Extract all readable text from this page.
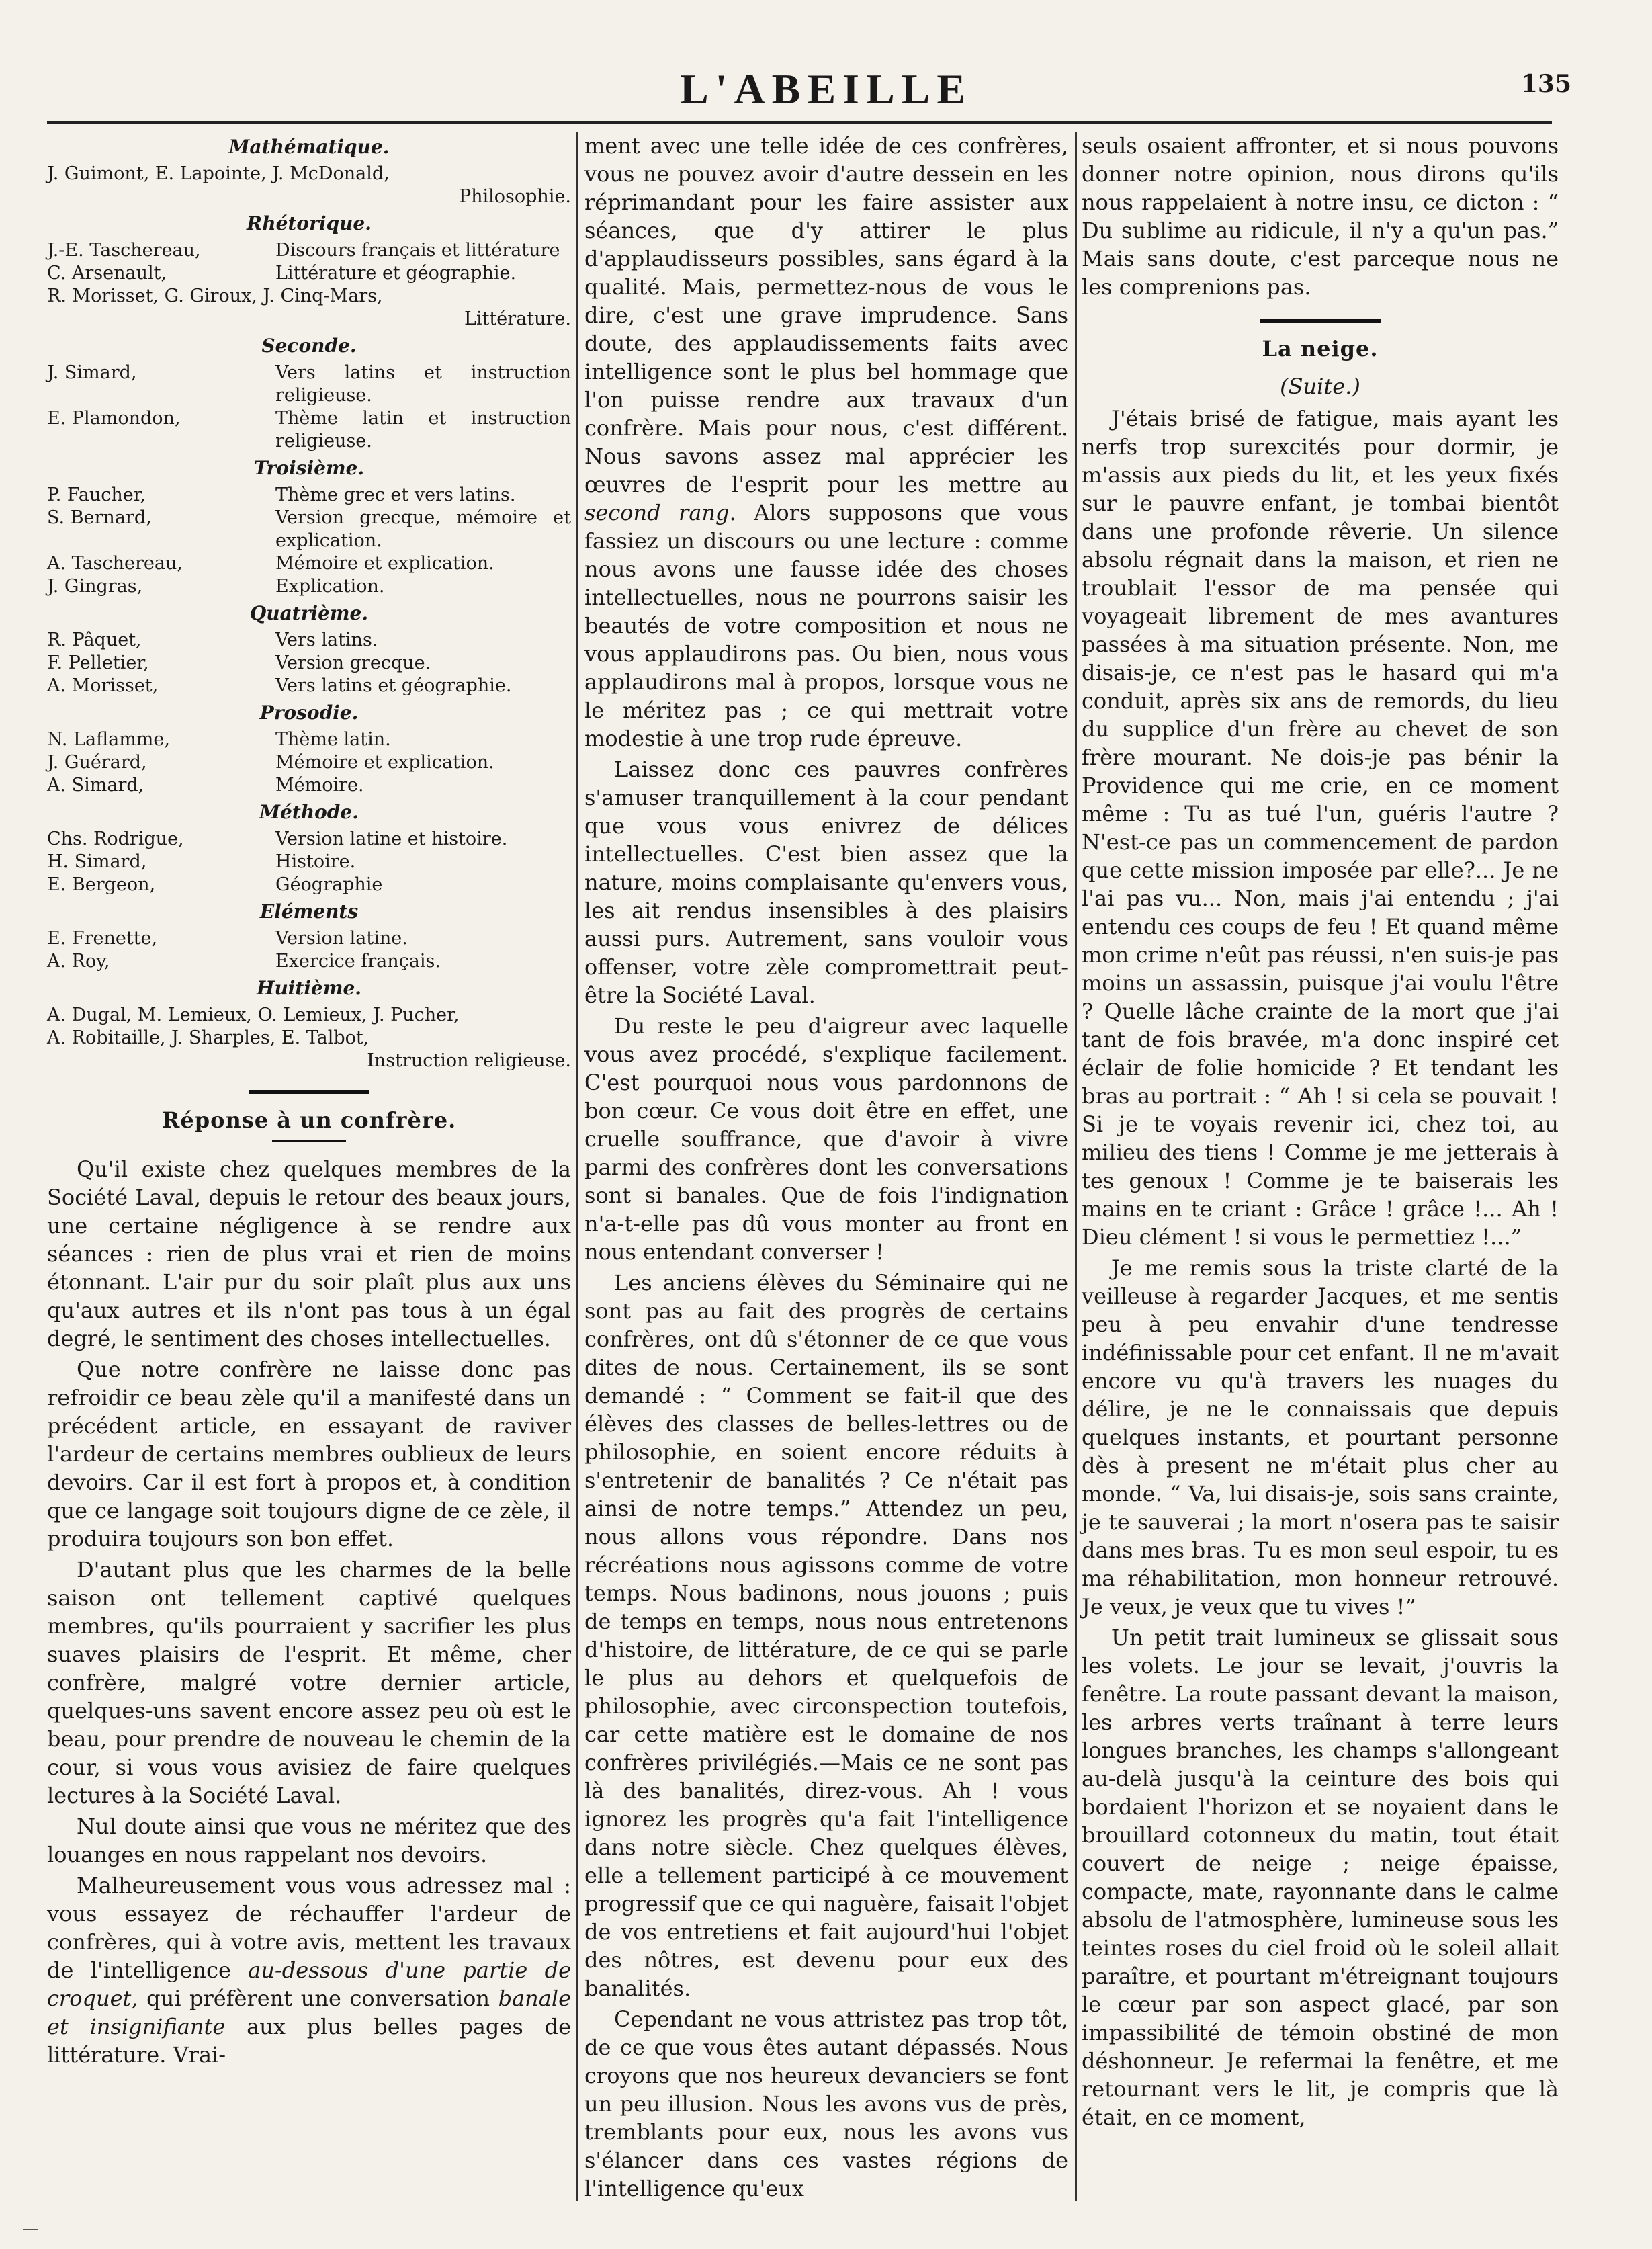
L'ABEILLE	135
Mathématique.
J. Guimont, E. Lapointe, J. McDonald,
Philosophie.
Rhétorique.
J.-E. Taschereau,	Discours français et littérature
C. Arsenault,	Littérature et géographie.
R. Morisset, G. Giroux, J. Cinq-Mars,
Littérature.
Seconde.
J. Simard,	Vers latins et instruction religieuse.
E. Plamondon,	Thème latin et instruction religieuse.
Troisième.
P. Faucher,	Thème grec et vers latins.
S. Bernard,	Version grecque, mémoire et explication.
A. Taschereau,	Mémoire et explication.
J. Gingras,	Explication.
Quatrième.
R. Pâquet,	Vers latins.
F. Pelletier,	Version grecque.
A. Morisset,	Vers latins et géographie.
Prosodie.
N. Laflamme,	Thème latin.
J. Guérard,	Mémoire et explication.
A. Simard,	Mémoire.
Méthode.
Chs. Rodrigue,	Version latine et histoire.
H. Simard,	Histoire.
E. Bergeon,	Géographie
Eléments
E. Frenette,	Version latine.
A. Roy,	Exercice français.
Huitième.
A. Dugal, M. Lemieux, O. Lemieux, J. Pucher,
A. Robitaille, J. Sharples, E. Talbot,
Instruction religieuse.
Réponse à un confrère.

Qu'il existe chez quelques membres de la Société Laval, depuis le retour des beaux jours, une certaine négligence à se rendre aux séances : rien de plus vrai et rien de moins étonnant. L'air pur du soir plaît plus aux uns qu'aux autres et ils n'ont pas tous à un égal degré, le sentiment des choses intellectuelles.

Que notre confrère ne laisse donc pas refroidir ce beau zèle qu'il a manifesté dans un précédent article, en essayant de raviver l'ardeur de certains membres oublieux de leurs devoirs. Car il est fort à propos et, à condition que ce langage soit toujours digne de ce zèle, il produira toujours son bon effet.

D'autant plus que les charmes de la belle saison ont tellement captivé quelques membres, qu'ils pourraient y sacrifier les plus suaves plaisirs de l'esprit. Et même, cher confrère, malgré votre dernier article, quelques-uns savent encore assez peu où est le beau, pour prendre de nouveau le chemin de la cour, si vous vous avisiez de faire quelques lectures à la Société Laval.

Nul doute ainsi que vous ne méritez que des louanges en nous rappelant nos devoirs.

Malheureusement vous vous adressez mal : vous essayez de réchauffer l'ardeur de confrères, qui à votre avis, mettent les travaux de l'intelligence au-dessous d'une partie de croquet, qui préfèrent une conversation banale et insignifiante aux plus belles pages de littérature. Vrai-

ment avec une telle idée de ces confrères, vous ne pouvez avoir d'autre dessein en les réprimandant pour les faire assister aux séances, que d'y attirer le plus d'applaudisseurs possibles, sans égard à la qualité. Mais, permettez-nous de vous le dire, c'est une grave imprudence. Sans doute, des applaudissements faits avec intelligence sont le plus bel hommage que l'on puisse rendre aux travaux d'un confrère. Mais pour nous, c'est différent. Nous savons assez mal apprécier les œuvres de l'esprit pour les mettre au second rang. Alors supposons que vous fassiez un discours ou une lecture : comme nous avons une fausse idée des choses intellectuelles, nous ne pourrons saisir les beautés de votre composition et nous ne vous applaudirons pas. Ou bien, nous vous applaudirons mal à propos, lorsque vous ne le méritez pas ; ce qui mettrait votre modestie à une trop rude épreuve.

Laissez donc ces pauvres confrères s'amuser tranquillement à la cour pendant que vous vous enivrez de délices intellectuelles. C'est bien assez que la nature, moins complaisante qu'envers vous, les ait rendus insensibles à des plaisirs aussi purs. Autrement, sans vouloir vous offenser, votre zèle compromettrait peut-être la Société Laval.

Du reste le peu d'aigreur avec laquelle vous avez procédé, s'explique facilement. C'est pourquoi nous vous pardonnons de bon cœur. Ce vous doit être en effet, une cruelle souffrance, que d'avoir à vivre parmi des confrères dont les conversations sont si banales. Que de fois l'indignation n'a-t-elle pas dû vous monter au front en nous entendant converser !

Les anciens élèves du Séminaire qui ne sont pas au fait des progrès de certains confrères, ont dû s'étonner de ce que vous dites de nous. Certainement, ils se sont demandé : “ Comment se fait-il que des élèves des classes de belles-lettres ou de philosophie, en soient encore réduits à s'entretenir de banalités ? Ce n'était pas ainsi de notre temps.” Attendez un peu, nous allons vous répondre. Dans nos récréations nous agissons comme de votre temps. Nous badinons, nous jouons ; puis de temps en temps, nous nous entretenons d'histoire, de littérature, de ce qui se parle le plus au dehors et quelquefois de philosophie, avec circonspection toutefois, car cette matière est le domaine de nos confrères privilégiés.—Mais ce ne sont pas là des banalités, direz-vous. Ah ! vous ignorez les progrès qu'a fait l'intelligence dans notre siècle. Chez quelques élèves, elle a tellement participé à ce mouvement progressif que ce qui naguère, faisait l'objet de vos entretiens et fait aujourd'hui l'objet des nôtres, est devenu pour eux des banalités.

Cependant ne vous attristez pas trop tôt, de ce que vous êtes autant dépassés. Nous croyons que nos heureux devanciers se font un peu illusion. Nous les avons vus de près, tremblants pour eux, nous les avons vus s'élancer dans ces vastes régions de l'intelligence qu'eux

seuls osaient affronter, et si nous pouvons donner notre opinion, nous dirons qu'ils nous rappelaient à notre insu, ce dicton : “ Du sublime au ridicule, il n'y a qu'un pas.” Mais sans doute, c'est parceque nous ne les comprenions pas.

La neige.
(Suite.)

J'étais brisé de fatigue, mais ayant les nerfs trop surexcités pour dormir, je m'assis aux pieds du lit, et les yeux fixés sur le pauvre enfant, je tombai bientôt dans une profonde rêverie. Un silence absolu régnait dans la maison, et rien ne troublait l'essor de ma pensée qui voyageait librement de mes avantures passées à ma situation présente. Non, me disais-je, ce n'est pas le hasard qui m'a conduit, après six ans de remords, du lieu du supplice d'un frère au chevet de son frère mourant. Ne dois-je pas bénir la Providence qui me crie, en ce moment même : Tu as tué l'un, guéris l'autre ? N'est-ce pas un commencement de pardon que cette mission imposée par elle?... Je ne l'ai pas vu... Non, mais j'ai entendu ; j'ai entendu ces coups de feu ! Et quand même mon crime n'eût pas réussi, n'en suis-je pas moins un assassin, puisque j'ai voulu l'être ? Quelle lâche crainte de la mort que j'ai tant de fois bravée, m'a donc inspiré cet éclair de folie homicide ? Et tendant les bras au portrait : “ Ah ! si cela se pouvait ! Si je te voyais revenir ici, chez toi, au milieu des tiens ! Comme je me jetterais à tes genoux ! Comme je te baiserais les mains en te criant : Grâce ! grâce !... Ah ! Dieu clément ! si vous le permettiez !...”

Je me remis sous la triste clarté de la veilleuse à regarder Jacques, et me sentis peu à peu envahir d'une tendresse indéfinissable pour cet enfant. Il ne m'avait encore vu qu'à travers les nuages du délire, je ne le connaissais que depuis quelques instants, et pourtant personne dès à present ne m'était plus cher au monde. “ Va, lui disais-je, sois sans crainte, je te sauverai ; la mort n'osera pas te saisir dans mes bras. Tu es mon seul espoir, tu es ma réhabilitation, mon honneur retrouvé. Je veux, je veux que tu vives !”

Un petit trait lumineux se glissait sous les volets. Le jour se levait, j'ouvris la fenêtre. La route passant devant la maison, les arbres verts traînant à terre leurs longues branches, les champs s'allongeant au-delà jusqu'à la ceinture des bois qui bordaient l'horizon et se noyaient dans le brouillard cotonneux du matin, tout était couvert de neige ; neige épaisse, compacte, mate, rayonnante dans le calme absolu de l'atmosphère, lumineuse sous les teintes roses du ciel froid où le soleil allait paraître, et pourtant m'étreignant toujours le cœur par son aspect glacé, par son impassibilité de témoin obstiné de mon déshonneur. Je refermai la fenêtre, et me retournant vers le lit, je compris que là était, en ce moment,
